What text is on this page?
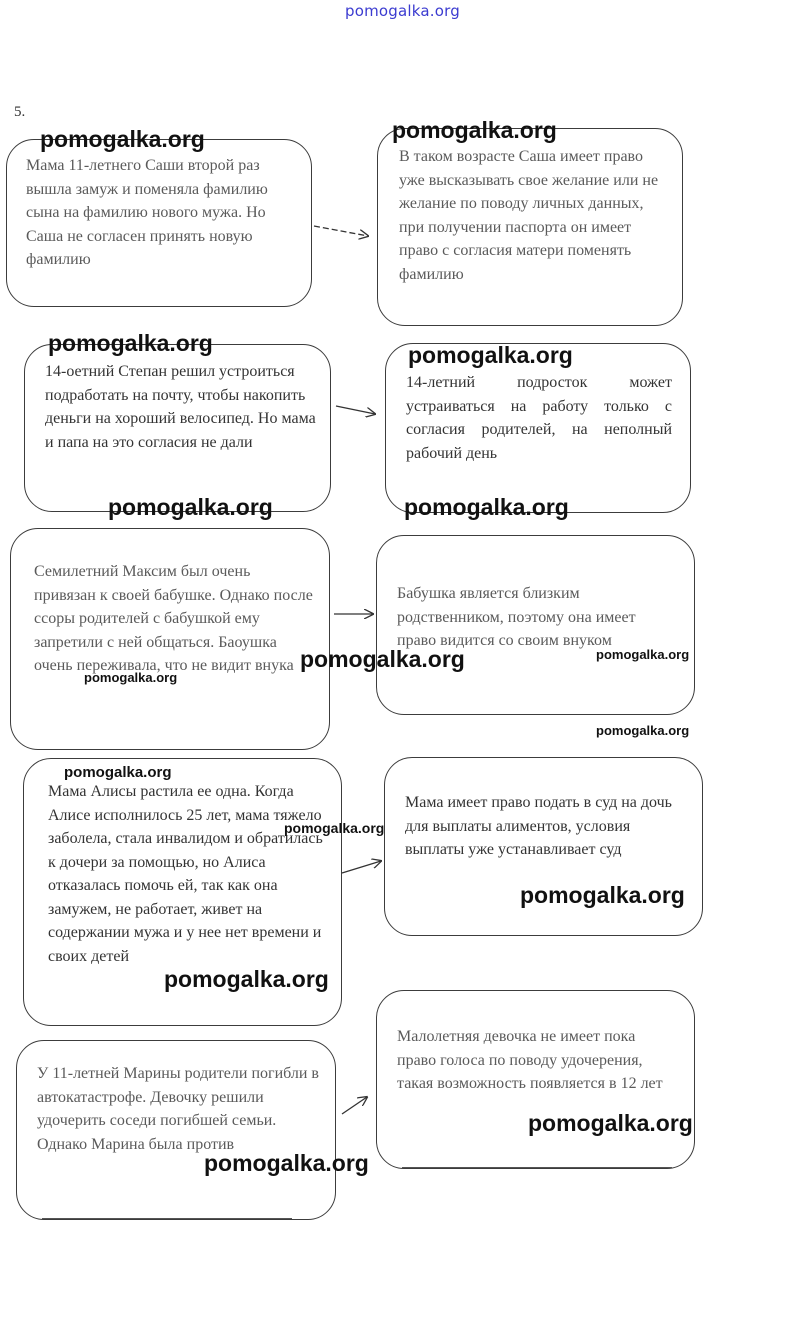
pomogalka.org
5.

Мама 11-летнего Саши второй раз вышла замуж и поменяла фамилию сына на фамилию нового мужа. Но Саша не согласен принять новую фамилию

В таком возрасте Саша имеет право уже высказывать свое желание или не желание по поводу личных данных, при получении паспорта он имеет право с согласия матери поменять фамилию

14-оетний Степан решил устроиться подработать на почту, чтобы накопить деньги на хороший велосипед. Но мама и папа на это согласия не дали

14-летний подросток может устраиваться на работу только с согласия родителей, на неполный рабочий день

Семилетний Максим был очень привязан к своей бабушке. Однако после ссоры родителей с бабушкой ему запретили с ней общаться. Баоушка очень переживала, что не видит внука

Бабушка является близким родственником, поэтому она имеет право видится со своим внуком

Мама Алисы растила ее одна. Когда Алисе исполнилось 25 лет, мама тяжело заболела, стала инвалидом и обратилась к дочери за помощью, но Алиса отказалась помочь ей, так как она замужем, не работает, живет на содержании мужа и у нее нет времени и своих детей

Мама имеет право подать в суд на дочь для выплаты алиментов, условия выплаты уже устанавливает суд

У 11-летней Марины родители погибли в автокатастрофе. Девочку решили удочерить соседи погибшей семьи. Однако Марина была против

Малолетняя девочка не имеет пока право голоса по поводу удочерения, такая возможность появляется в 12 лет

pomogalka.org	pomogalka.org
pomogalka.org	pomogalka.org
pomogalka.org	pomogalka.org
pomogalka.org	pomogalka.org
pomogalka.org
pomogalka.org
pomogalka.org
pomogalka.org
pomogalka.org
pomogalka.org
pomogalka.org
pomogalka.org
